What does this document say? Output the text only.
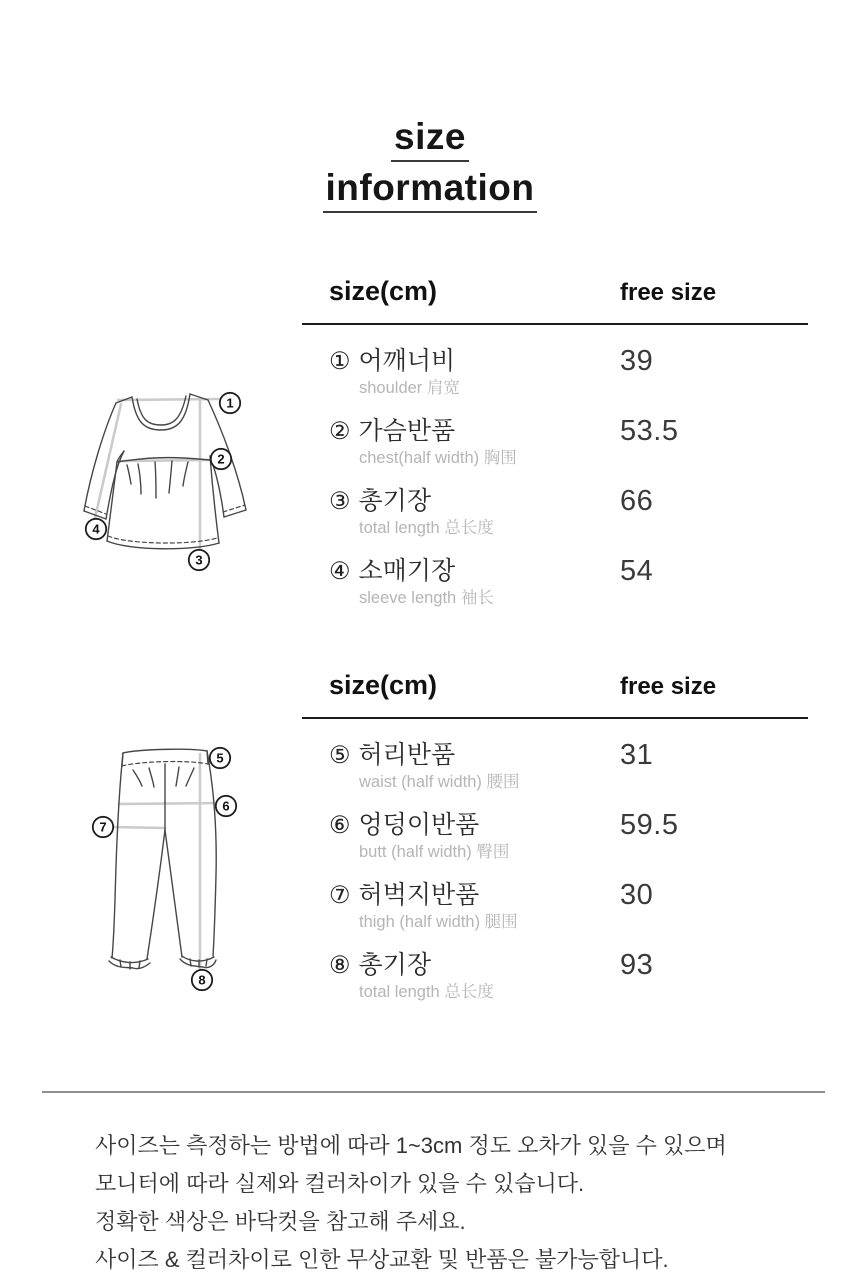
size
information
1
2
3
4
size(cm)	free size
① 어깨너비
shoulder 肩宽
39
② 가슴반품
chest(half width) 胸围
53.5
③ 총기장
total length 总长度
66
④ 소매기장
sleeve length 袖长
54
5
6
7
8
size(cm)	free size
⑤ 허리반품
waist (half width) 腰围
31
⑥ 엉덩이반품
butt (half width) 臀围
59.5
⑦ 허벅지반품
thigh (half width) 腿围
30
⑧ 총기장
total length 总长度
93
사이즈는 측정하는 방법에 따라 1~3cm 정도 오차가 있을 수 있으며
모니터에 따라 실제와 컬러차이가 있을 수 있습니다.
정확한 색상은 바닥컷을 참고해 주세요.
사이즈 & 컬러차이로 인한 무상교환 및 반품은 불가능합니다.
